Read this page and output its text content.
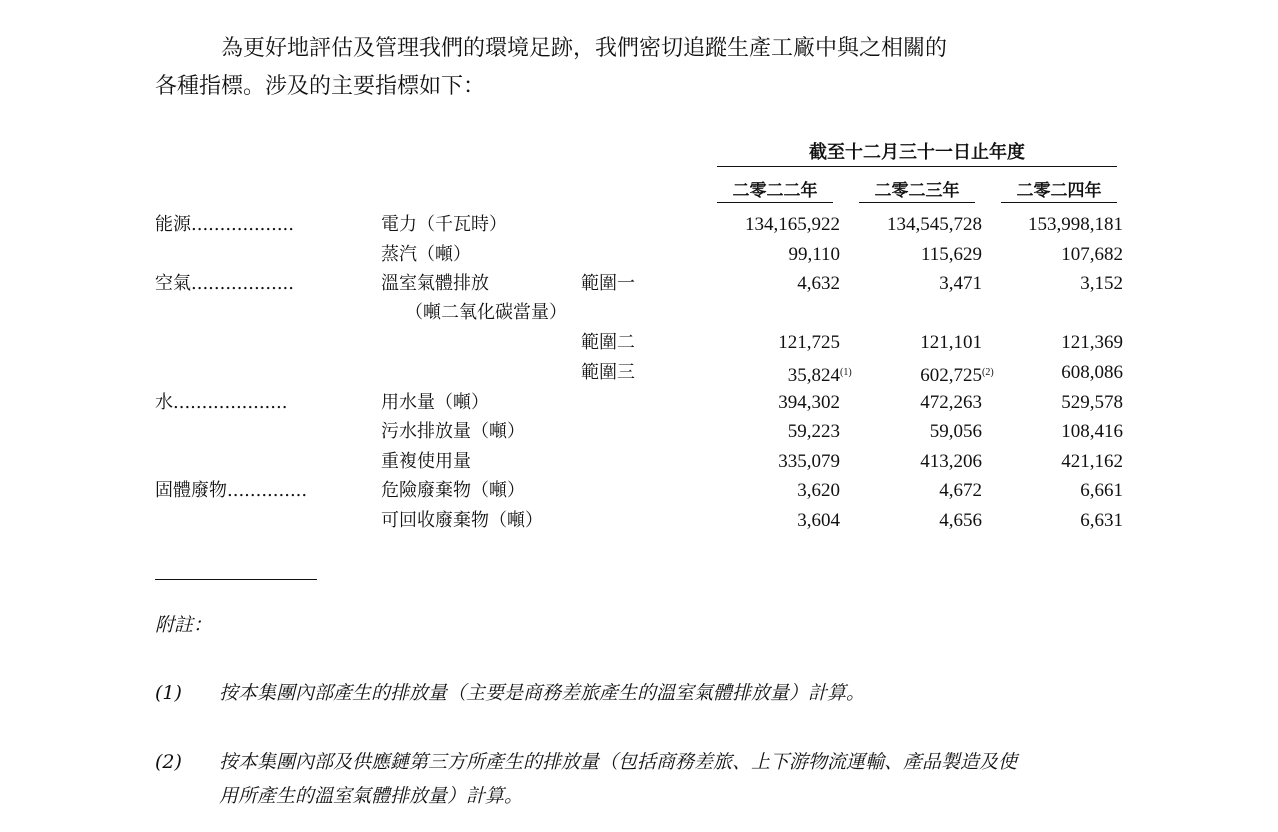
為更好地評估及管理我們的環境足跡，我們密切追蹤生產工廠中與之相關的
各種指標。涉及的主要指標如下：
截至十二月三十一日止年度
二零二二年	二零二三年	二零二四年
能源..................	電力（千瓦時）	134,165,922	134,545,728	153,998,181
蒸汽（噸）	99,110	115,629	107,682
空氣..................	溫室氣體排放	範圍一	4,632	3,471	3,152
（噸二氧化碳當量）
範圍二	121,725	121,101	121,369
範圍三	35,824$^{(1)}$	602,725$^{(2)}$	608,086
水....................	用水量（噸）	394,302	472,263	529,578
污水排放量（噸）	59,223	59,056	108,416
重複使用量	335,079	413,206	421,162
固體廢物..............	危險廢棄物（噸）	3,620	4,672	6,661
可回收廢棄物（噸）	3,604	4,656	6,631
附註：
(1) 按本集團內部產生的排放量（主要是商務差旅產生的溫室氣體排放量）計算。
(2) 按本集團內部及供應鏈第三方所產生的排放量（包括商務差旅、上下游物流運輸、產品製造及使
用所產生的溫室氣體排放量）計算。
